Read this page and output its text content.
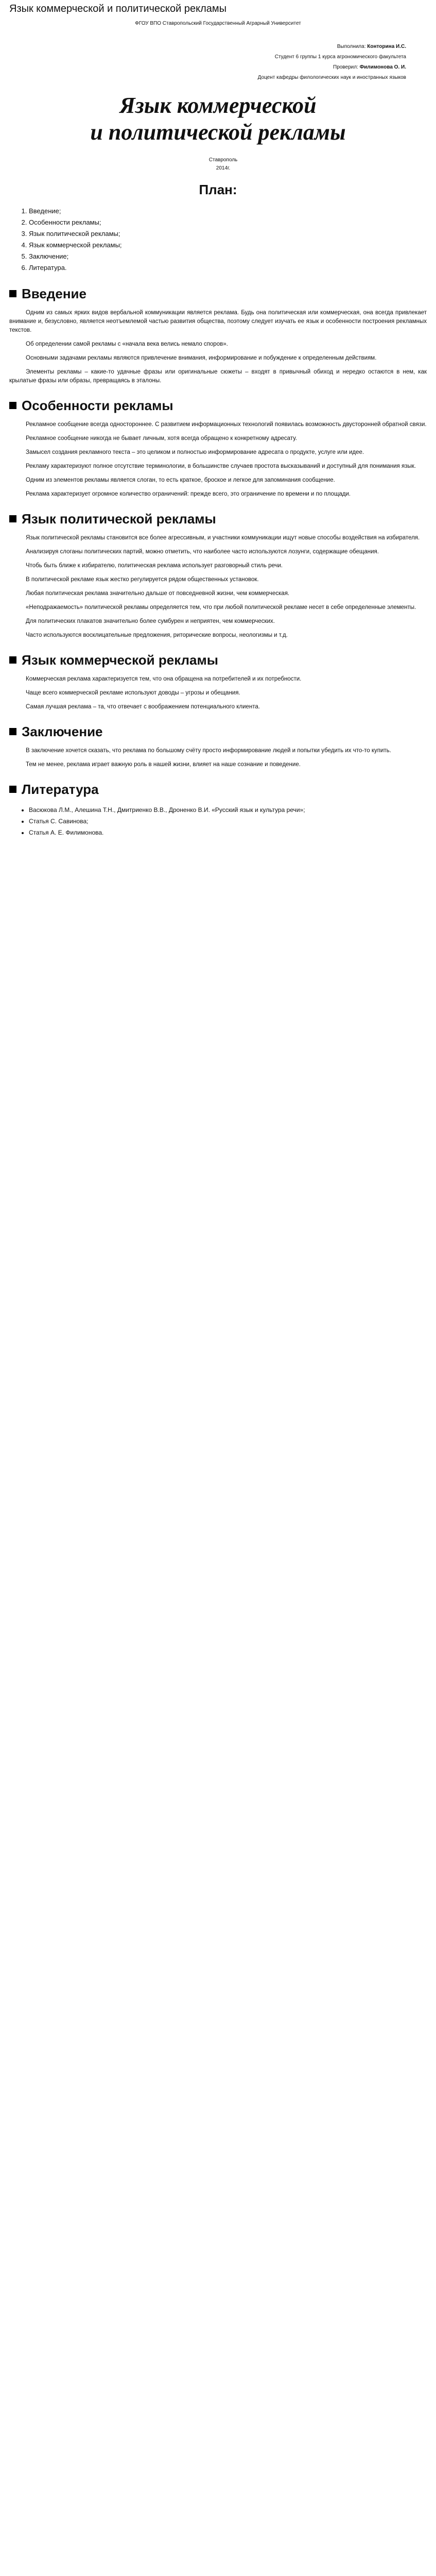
Язык коммерческой и политической рекламы
ФГОУ ВПО Ставропольский Государственный Аграрный Университет
Выполнила: Конторина И.С.
Студент 6 группы 1 курса агрономического факультета
Проверил: Филимонова О. И.
Доцент кафедры филологических наук и иностранных языков
Язык коммерческой
и политической рекламы
Ставрополь
2014г.
План:
1. Введение;
2. Особенности рекламы;
3. Язык политической рекламы;
4. Язык коммерческой рекламы;
5. Заключение;
6. Литература.
Введение

Одним из самых ярких видов вербальной коммуникации является реклама. Будь она политическая или коммерческая, она всегда привлекает внимание и, безусловно, является неотъемлемой частью развития общества, поэтому следует изучать ее язык и особенности построения рекламных текстов.

Об определении самой рекламы с «начала века велись немало споров».

Основными задачами рекламы являются привлечение внимания, информирование и побуждение к определенным действиям.

Элементы рекламы – какие-то удачные фразы или оригинальные сюжеты – входят в привычный обиход и нередко остаются в нем, как крылатые фразы или образы, превращаясь в эталоны.

Особенности рекламы

Рекламное сообщение всегда одностороннее. С развитием информационных технологий появилась возможность двусторонней обратной связи.

Рекламное сообщение никогда не бывает личным, хотя всегда обращено к конкретному адресату.

Замысел создания рекламного текста – это целиком и полностью информирование адресата о продукте, услуге или идее.

Рекламу характеризуют полное отсутствие терминологии, в большинстве случаев простота высказываний и доступный для понимания язык.

Одним из элементов рекламы является слоган, то есть краткое, броское и легкое для запоминания сообщение.

Реклама характеризует огромное количество ограничений: прежде всего, это ограничение по времени и по площади.

Язык политической рекламы

Язык политической рекламы становится все более агрессивным, и участники коммуникации ищут новые способы воздействия на избирателя.

Анализируя слоганы политических партий, можно отметить, что наиболее часто используются лозунги, содержащие обещания.

Чтобь быть ближе к избирателю, политическая реклама использует разговорный стиль речи.

В политической рекламе язык жестко регулируется рядом общественных установок.

Любая политическая реклама значительно дальше от повседневной жизни, чем коммерческая.

«Неподражаемость» политической рекламы определяется тем, что при любой политической рекламе несет в себе определенные элементы.

Для политических плакатов значительно более сумбурен и неприятен, чем коммерческих.

Часто используются восклицательные предложения, риторические вопросы, неологизмы и т.д.

Язык коммерческой рекламы

Коммерческая реклама характеризуется тем, что она обращена на потребителей и их потребности.

Чаще всего коммерческой рекламе используют доводы – угрозы и обещания.

Самая лучшая реклама – та, что отвечает с воображением потенциального клиента.

Заключение

В заключение хочется сказать, что реклама по большому счёту просто информирование людей и попытки убедить их что-то купить.

Тем не менее, реклама играет важную роль в нашей жизни, влияет на наше сознание и поведение.

Литература
• Васюкова Л.М., Алешина Т.Н., Дмитриенко В.В., Дроненко В.И. «Русский язык и культура речи»;
• Статья С. Савинова;
• Статья А. Е. Филимонова.
